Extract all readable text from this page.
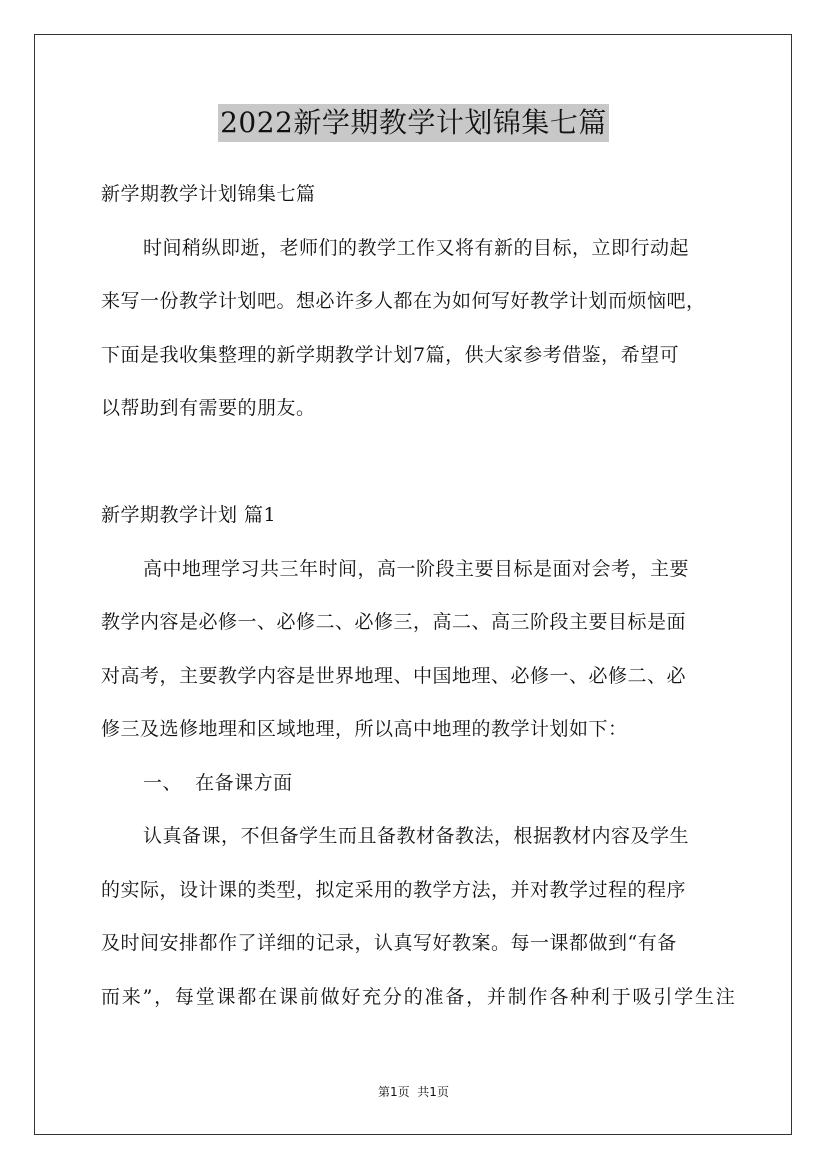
2022新学期教学计划锦集七篇
新学期教学计划锦集七篇
时间稍纵即逝，老师们的教学工作又将有新的目标，立即行动起
来写一份教学计划吧。想必许多人都在为如何写好教学计划而烦恼吧，
下面是我收集整理的新学期教学计划7篇，供大家参考借鉴，希望可
以帮助到有需要的朋友。
新学期教学计划 篇1
高中地理学习共三年时间，高一阶段主要目标是面对会考，主要
教学内容是必修一、必修二、必修三，高二、高三阶段主要目标是面
对高考，主要教学内容是世界地理、中国地理、必修一、必修二、必
修三及选修地理和区域地理，所以高中地理的教学计划如下：
一、  在备课方面
认真备课，不但备学生而且备教材备教法，根据教材内容及学生
的实际，设计课的类型，拟定采用的教学方法，并对教学过程的程序
及时间安排都作了详细的记录，认真写好教案。每一课都做到“有备
而来”，每堂课都在课前做好充分的准备，并制作各种利于吸引学生注
第1页  共1页
